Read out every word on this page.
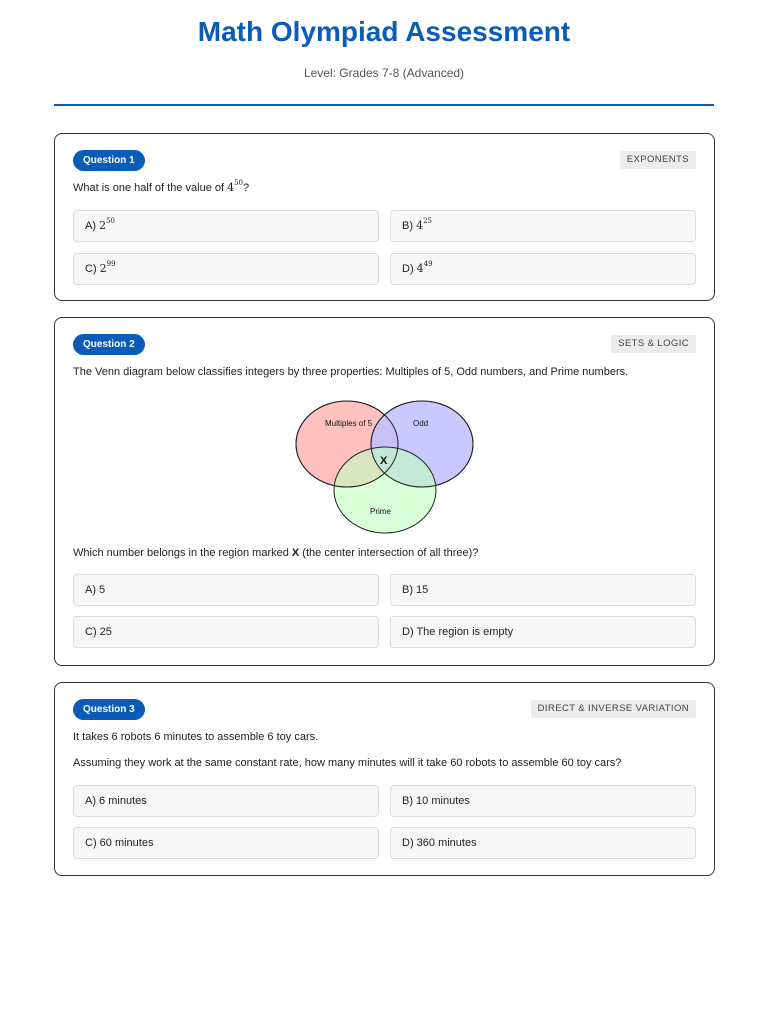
Math Olympiad Assessment
Level: Grades 7-8 (Advanced)
Question 1	EXPONENTS
What is one half of the value of $4^{50}$?
A) $2^{50}$	B) $4^{25}$
C) $2^{99}$	D) $4^{49}$
Question 2	SETS & LOGIC
The Venn diagram below classifies integers by three properties: Multiples of 5, Odd numbers, and Prime numbers.
Multiples of 5	Odd
Prime
X
Which number belongs in the region marked X (the center intersection of all three)?
A) 5	B) 15
C) 25	D) The region is empty
Question 3	DIRECT & INVERSE VARIATION
It takes 6 robots 6 minutes to assemble 6 toy cars.
Assuming they work at the same constant rate, how many minutes will it take 60 robots to assemble 60 toy cars?
A) 6 minutes	B) 10 minutes
C) 60 minutes	D) 360 minutes
